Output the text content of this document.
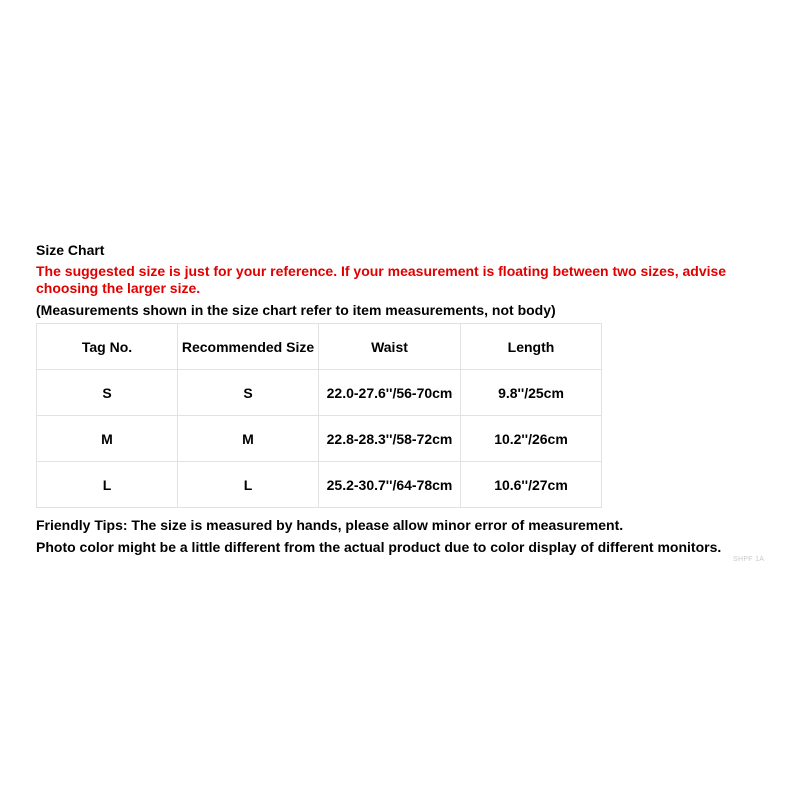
Size Chart
The suggested size is just for your reference. If your measurement is floating between two sizes, advise choosing the larger size.
(Measurements shown in the size chart refer to item measurements, not body)
Tag No.	Recommended Size	Waist	Length
S	S	22.0-27.6''/56-70cm	9.8''/25cm
M	M	22.8-28.3''/58-72cm	10.2''/26cm
L	L	25.2-30.7''/64-78cm	10.6''/27cm

Friendly Tips: The size is measured by hands, please allow minor error of measurement.

Photo color might be a little different from the actual product due to color display of different monitors.

SHPF 1A
